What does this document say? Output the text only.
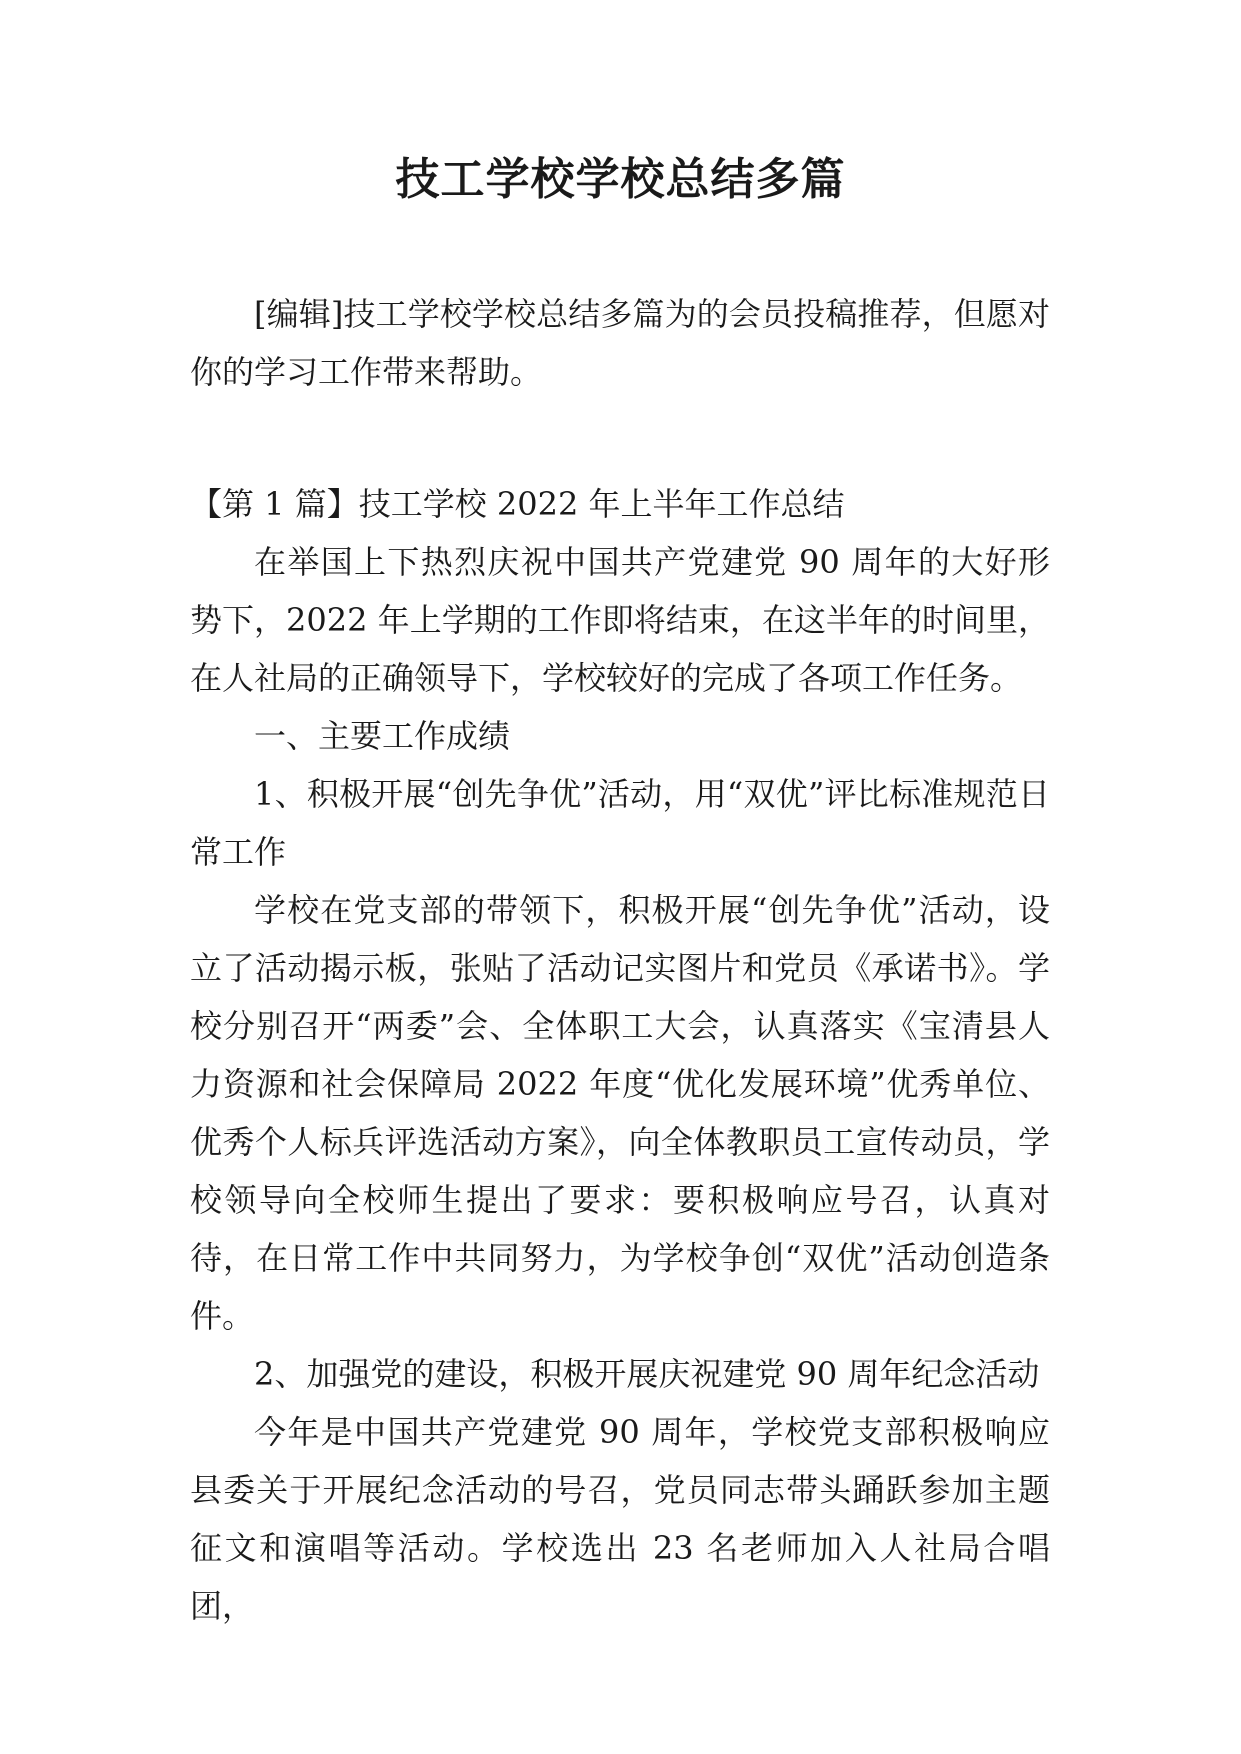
技工学校学校总结多篇

[编辑]技工学校学校总结多篇为的会员投稿推荐，但愿对你的学习工作带来帮助。

【第 1 篇】技工学校 2022 年上半年工作总结

在举国上下热烈庆祝中国共产党建党 90 周年的大好形势下，2022 年上学期的工作即将结束，在这半年的时间里，在人社局的正确领导下，学校较好的完成了各项工作任务。

一、主要工作成绩

1、积极开展“创先争优”活动，用“双优”评比标准规范日常工作

学校在党支部的带领下，积极开展“创先争优”活动，设立了活动揭示板，张贴了活动记实图片和党员《承诺书》。学校分别召开“两委”会、全体职工大会，认真落实《宝清县人力资源和社会保障局 2022 年度“优化发展环境”优秀单位、优秀个人标兵评选活动方案》，向全体教职员工宣传动员，学校领导向全校师生提出了要求：要积极响应号召，认真对待，在日常工作中共同努力，为学校争创“双优”活动创造条件。

2、加强党的建设，积极开展庆祝建党 90 周年纪念活动

今年是中国共产党建党 90 周年，学校党支部积极响应县委关于开展纪念活动的号召，党员同志带头踊跃参加主题征文和演唱等活动。学校选出 23 名老师加入人社局合唱团，
